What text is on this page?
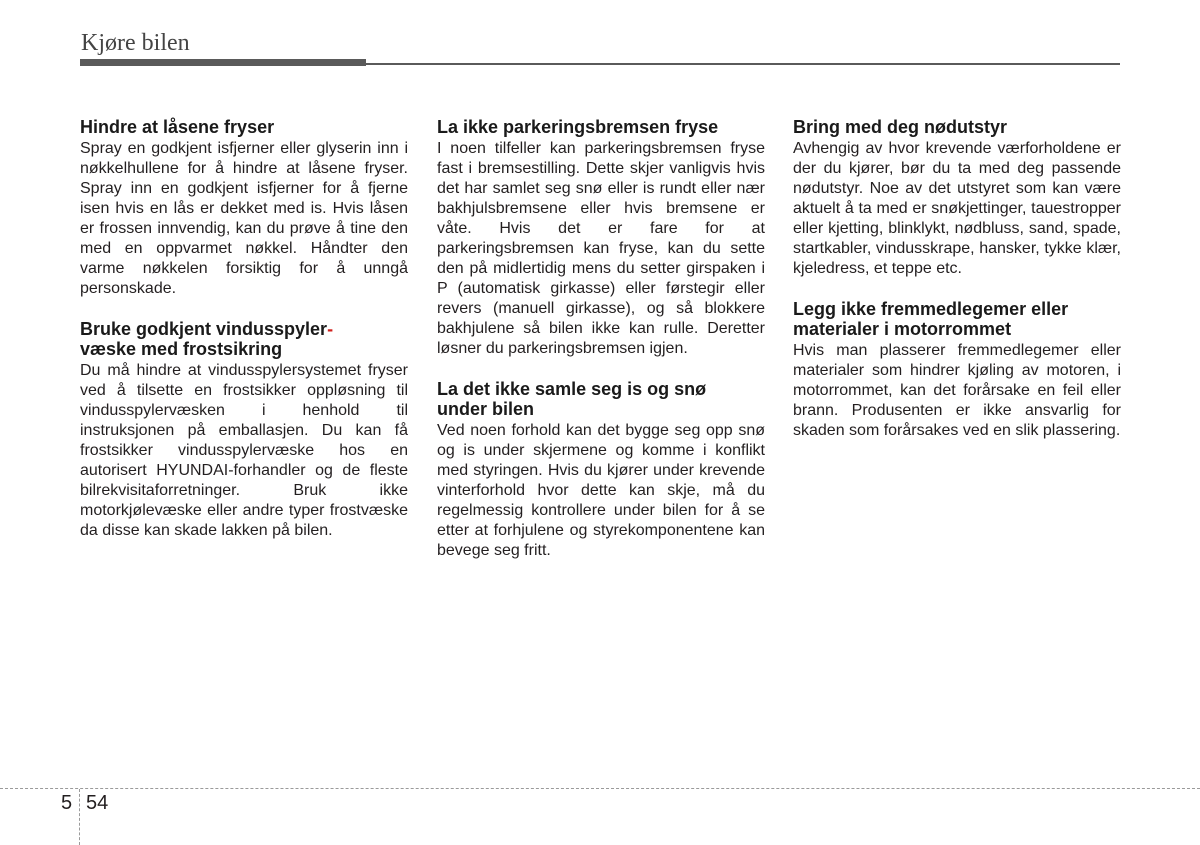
Kjøre bilen
Hindre at låsene fryser

Spray en godkjent isfjerner eller glyserin inn i nøkkelhullene for å hindre at låsene fryser. Spray inn en godkjent isfjerner for å fjerne isen hvis en lås er dekket med is. Hvis låsen er frossen innvendig, kan du prøve å tine den med en oppvarmet nøkkel. Håndter den varme nøkkelen forsiktig for å unngå personskade.

Bruke godkjent vindusspyler-
væske med frostsikring

Du må hindre at vindusspylersystemet fryser ved å tilsette en frostsikker oppløsning til vindusspylervæsken i henhold til instruksjonen på emballasjen. Du kan få frostsikker vindusspylervæske hos en autorisert HYUNDAI-forhandler og de fleste bilrekvisitaforretninger. Bruk ikke motorkjølevæske eller andre typer frostvæske da disse kan skade lakken på bilen.

La ikke parkeringsbremsen fryse

I noen tilfeller kan parkeringsbremsen fryse fast i bremsestilling. Dette skjer vanligvis hvis det har samlet seg snø eller is rundt eller nær bakhjulsbremsene eller hvis bremsene er våte. Hvis det er fare for at parkeringsbremsen kan fryse, kan du sette den på midlertidig mens du setter girspaken i P (automatisk girkasse) eller førstegir eller revers (manuell girkasse), og så blokkere bakhjulene så bilen ikke kan rulle. Deretter løsner du parkeringsbremsen igjen.

La det ikke samle seg is og snø
under bilen

Ved noen forhold kan det bygge seg opp snø og is under skjermene og komme i konflikt med styringen. Hvis du kjører under krevende vinterforhold hvor dette kan skje, må du regelmessig kontrollere under bilen for å se etter at forhjulene og styrekomponentene kan bevege seg fritt.

Bring med deg nødutstyr

Avhengig av hvor krevende værforholdene er der du kjører, bør du ta med deg passende nødutstyr. Noe av det utstyret som kan være aktuelt å ta med er snøkjettinger, tauestropper eller kjetting, blinklykt, nødbluss, sand, spade, startkabler, vindusskrape, hansker, tykke klær, kjeledress, et teppe etc.

Legg ikke fremmedlegemer eller
materialer i motorrommet

Hvis man plasserer fremmedlegemer eller materialer som hindrer kjøling av motoren, i motorrommet, kan det forårsake en feil eller brann. Produsenten er ikke ansvarlig for skaden som forårsakes ved en slik plassering.

5 54
